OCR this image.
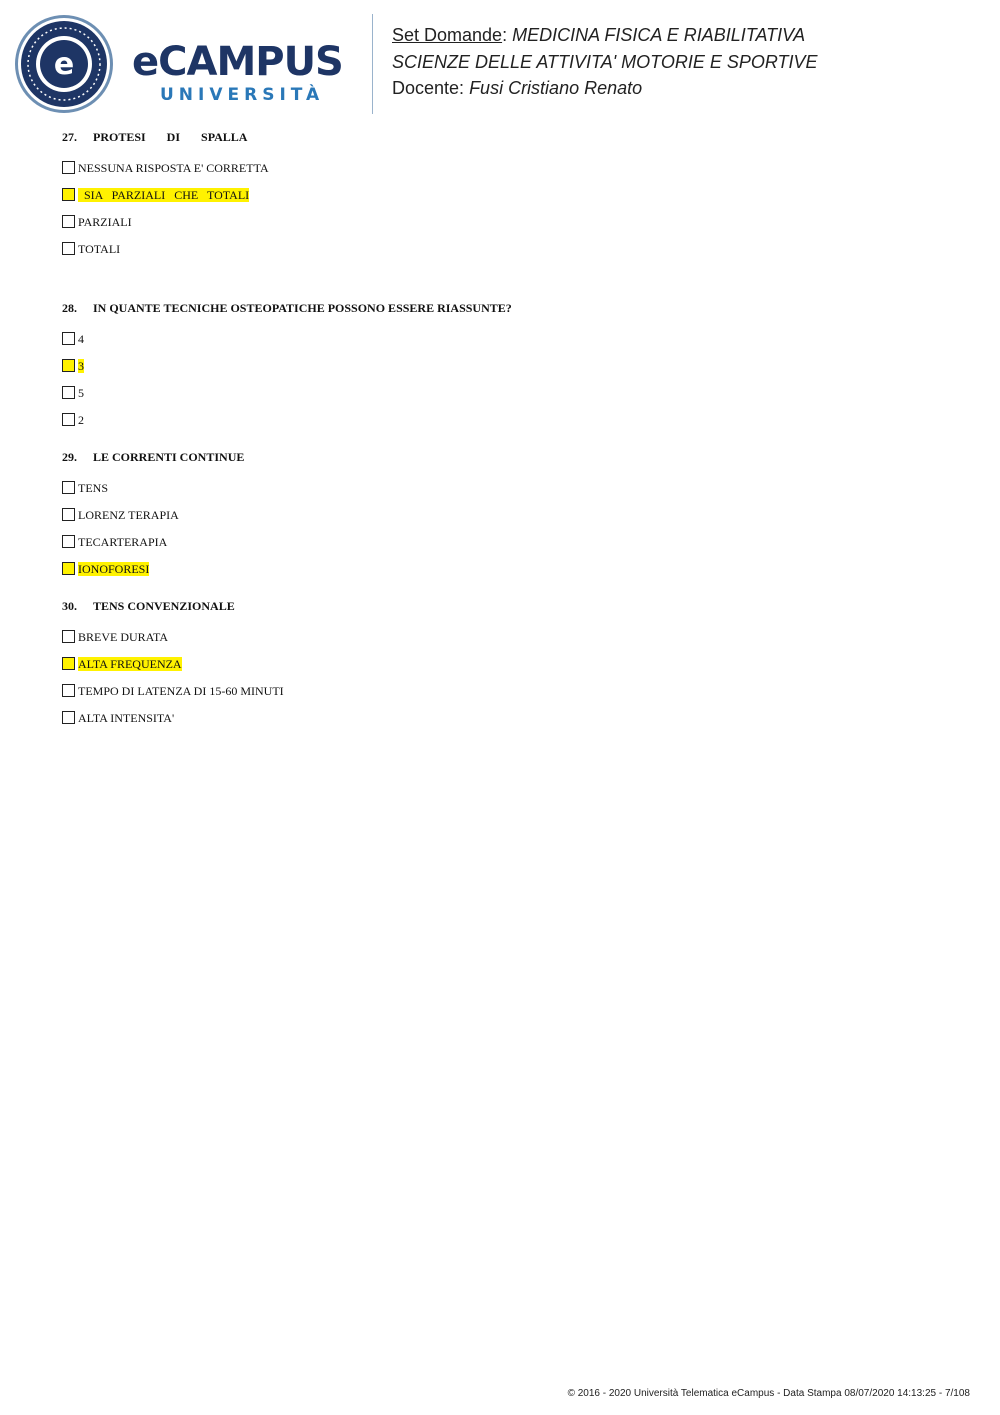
e eCAMPUS
UNIVERSITÀ
Set Domande: MEDICINA FISICA E RIABILITATIVA
SCIENZE DELLE ATTIVITA' MOTORIE E SPORTIVE
Docente: Fusi Cristiano Renato
27. PROTESI       DI       SPALLA
NESSUNA RISPOSTA E' CORRETTA
SIA   PARZIALI   CHE   TOTALI
PARZIALI
TOTALI
28. IN QUANTE TECNICHE OSTEOPATICHE POSSONO ESSERE RIASSUNTE?
4
3
5
2
29. LE CORRENTI CONTINUE
TENS
LORENZ TERAPIA
TECARTERAPIA
IONOFORESI
30. TENS CONVENZIONALE
BREVE DURATA
ALTA FREQUENZA
TEMPO DI LATENZA DI 15-60 MINUTI
ALTA INTENSITA'
© 2016 - 2020 Università Telematica eCampus - Data Stampa 08/07/2020 14:13:25 - 7/108
